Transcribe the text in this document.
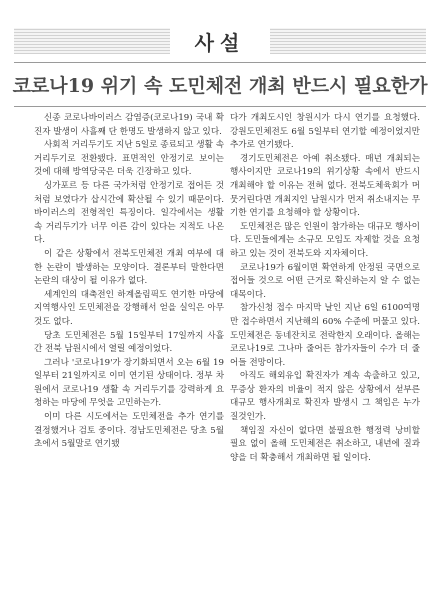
사설
코로나19 위기 속 도민체전 개최 반드시 필요한가

신종 코로나바이러스 감염증(코로나19) 국내 확진자 발생이 사흘째 단 한명도 발생하지 않고 있다.

사회적 거리두기도 지난 5일로 종료되고 생활 속 거리두기로 전환됐다. 표면적인 안정기로 보이는 것에 대해 방역당국은 더욱 긴장하고 있다.

싱가포르 등 다른 국가처럼 안정기로 접어든 것처럼 보였다가 삽시간에 확산될 수 있기 때문이다. 바이러스의 전형적인 특징이다. 일각에서는 생활 속 거리두기가 너무 이른 감이 있다는 지적도 나온다.

이 같은 상황에서 전북도민체전 개최 여부에 대한 논란이 발생하는 모양이다. 결론부터 말한다면 논란의 대상이 될 이유가 없다.

세계인의 대축전인 하계올림픽도 연기한 마당에 지역행사인 도민체전을 강행해서 얻을 실익은 아무것도 없다.

당초 도민체전은 5월 15일부터 17일까지 사흘간 전북 남원시에서 열릴 예정이었다.

그러나 '코로나19'가 장기화되면서 오는 6월 19일부터 21일까지로 이미 연기된 상태이다. 정부 차원에서 코로나19 생활 속 거리두기를 강력하게 요청하는 마당에 무엇을 고민하는가.

이미 다른 시도에서는 도민체전을 추가 연기를 결정했거나 검토 중이다. 경남도민체전은 당초 5월초에서 5월말로 연기됐

다가 개최도시인 창원시가 다시 연기를 요청했다. 강원도민체전도 6월 5일부터 연기할 예정이었지만 추가로 연기됐다.

경기도민체전은 아예 취소됐다. 매년 개최되는 행사이지만 코로나19의 위기상황 속에서 반드시 개최해야 할 이유는 전혀 없다. 전북도체육회가 머뭇거린다면 개최지인 남원시가 먼저 취소내지는 무기한 연기를 요청해야 할 상황이다.

도민체전은 많은 인원이 참가하는 대규모 행사이다. 도민들에게는 소규모 모임도 자제할 것을 요청하고 있는 것이 전북도와 지자체이다.

코로나19가 6월이면 확연하게 안정된 국면으로 접어들 것으로 어떤 근거로 확신하는지 알 수 없는 대목이다.

참가신청 접수 마지막 날인 지난 6일 6100여명만 접수하면서 지난해의 60% 수준에 머물고 있다. 도민체전은 동네잔치로 전락한지 오래이다. 올해는 코로나19로 그나마 줄어든 참가자들이 수가 더 줄어들 전망이다.

아직도 해외유입 확진자가 계속 속출하고 있고, 무증상 환자의 비율이 적지 않은 상황에서 섣부른 대규모 행사개최로 확진자 발생시 그 책임은 누가 질것인가.

책임질 자신이 없다면 불필요한 행정력 낭비할 필요 없이 올해 도민체전은 취소하고, 내년에 질과 양을 더 확충해서 개최하면 될 일이다.
